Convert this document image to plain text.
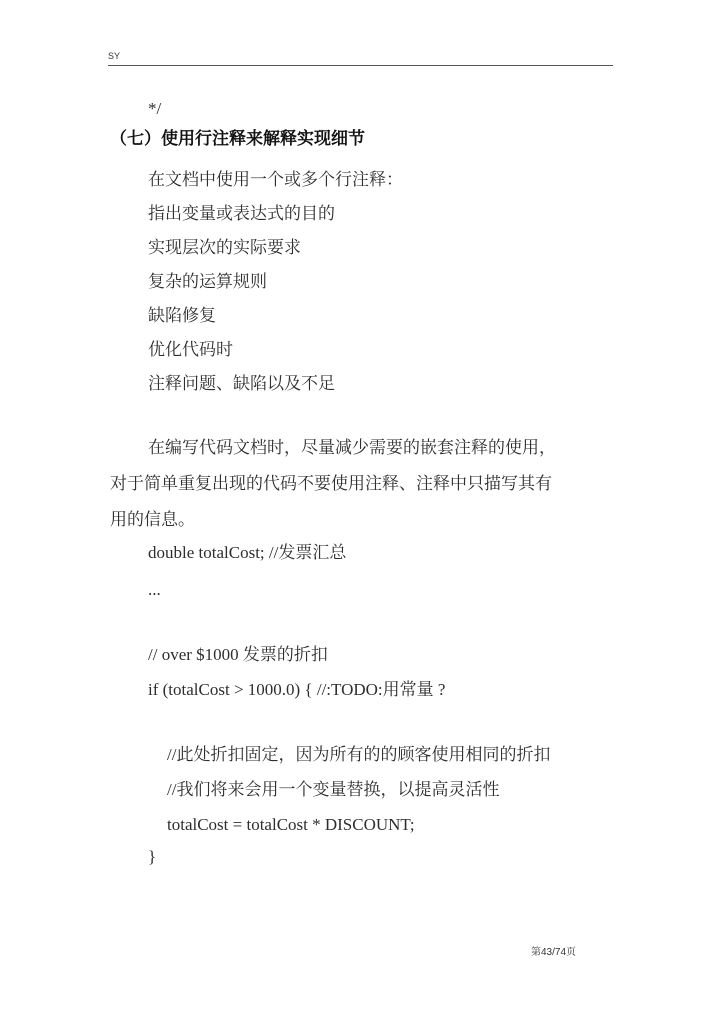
SY
*/
（七）使用行注释来解释实现细节
在文档中使用一个或多个行注释：
指出变量或表达式的目的
实现层次的实际要求
复杂的运算规则
缺陷修复
优化代码时
注释问题、缺陷以及不足
在编写代码文档时，尽量减少需要的嵌套注释的使用，
对于简单重复出现的代码不要使用注释、注释中只描写其有
用的信息。
double totalCost; //发票汇总
...
// over $1000 发票的折扣
if (totalCost > 1000.0) { //:TODO:用常量 ?
//此处折扣固定，因为所有的的顾客使用相同的折扣
//我们将来会用一个变量替换，以提高灵活性
totalCost = totalCost * DISCOUNT;
}
第43/74页
